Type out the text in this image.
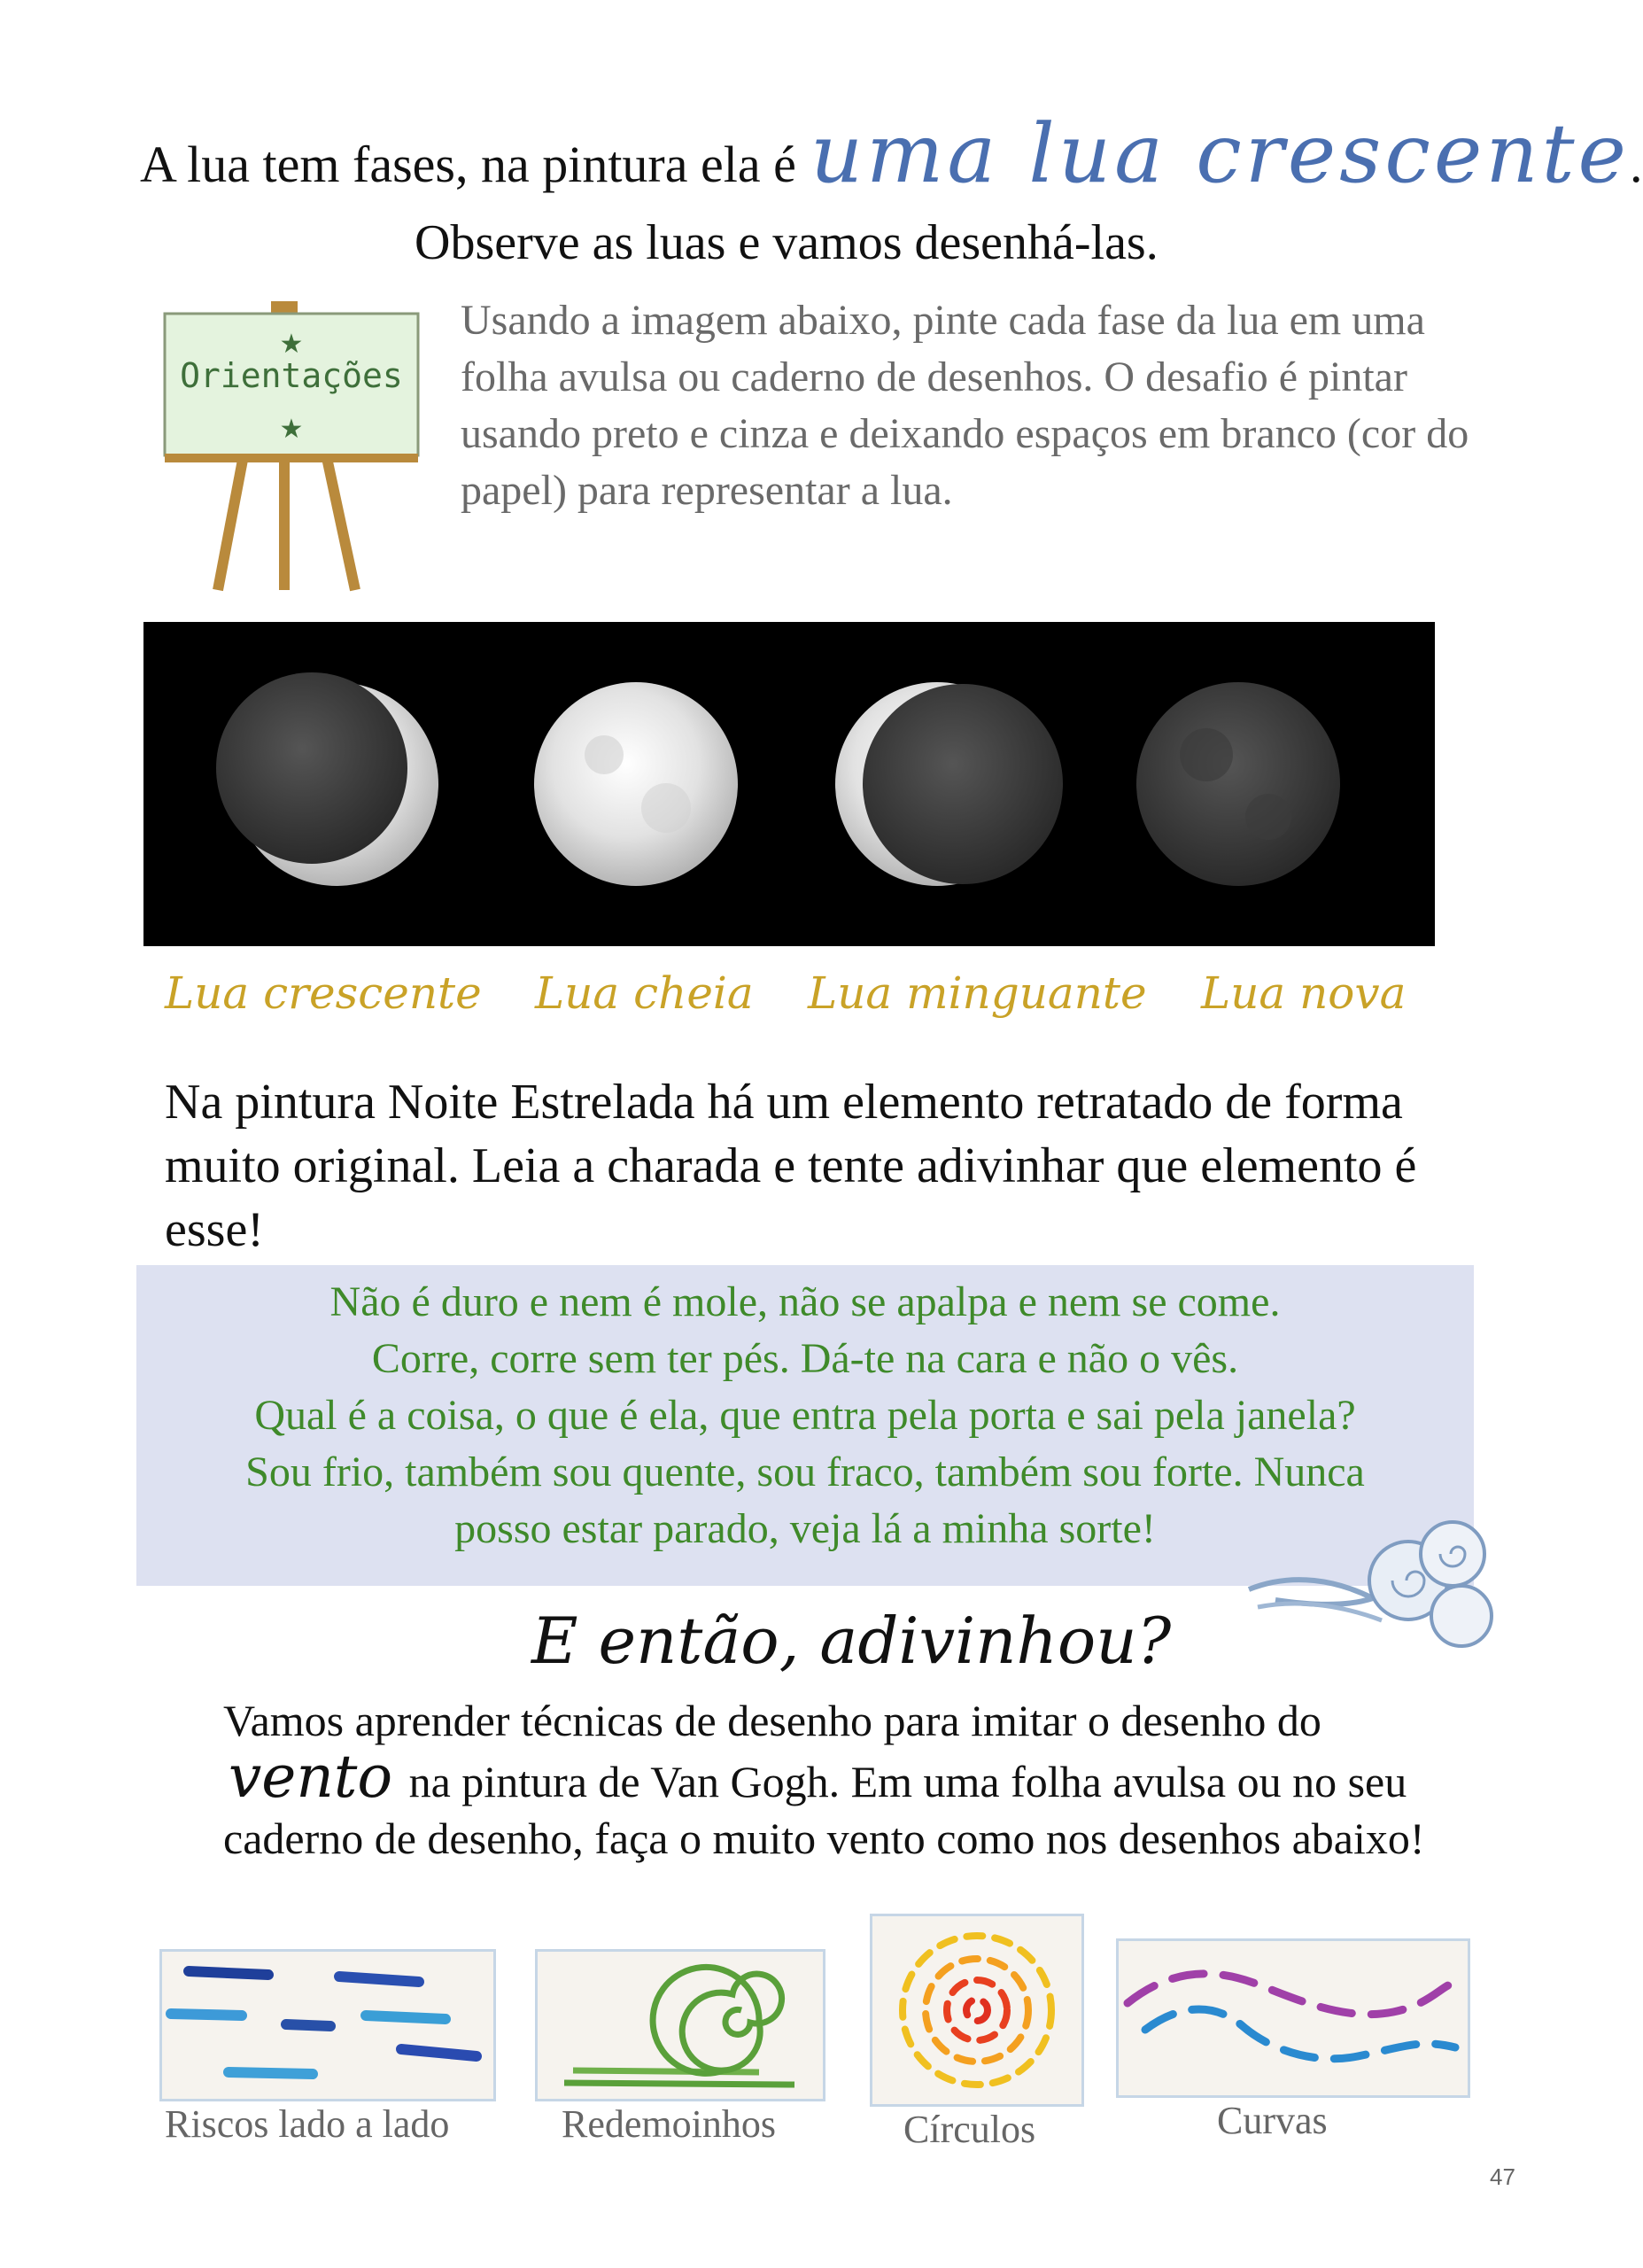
A lua tem fases, na pintura ela é uma lua crescente.
Observe as luas e vamos desenhá-las.
★
★
Orientações
Usando a imagem abaixo, pinte cada fase da lua em uma folha avulsa ou caderno de desenhos. O desafio é pintar usando preto e cinza e deixando espaços em branco (cor do papel) para representar a lua.
Lua crescente Lua cheia Lua minguante Lua nova
Na pintura Noite Estrelada há um elemento retratado de forma muito original. Leia a charada e tente adivinhar que elemento é esse!
Não é duro e nem é mole, não se apalpa e nem se come.
Corre, corre sem ter pés. Dá-te na cara e não o vês.
Qual é a coisa, o que é ela, que entra pela porta e sai pela janela?
Sou frio, também sou quente, sou fraco, também sou forte. Nunca
posso estar parado, veja lá a minha sorte!
E então, adivinhou?
Vamos aprender técnicas de desenho para imitar o desenho do vento na pintura de Van Gogh. Em uma folha avulsa ou no seu caderno de desenho, faça o muito vento como nos desenhos abaixo!
Riscos lado a lado	Redemoinhos	Círculos	Curvas
47
